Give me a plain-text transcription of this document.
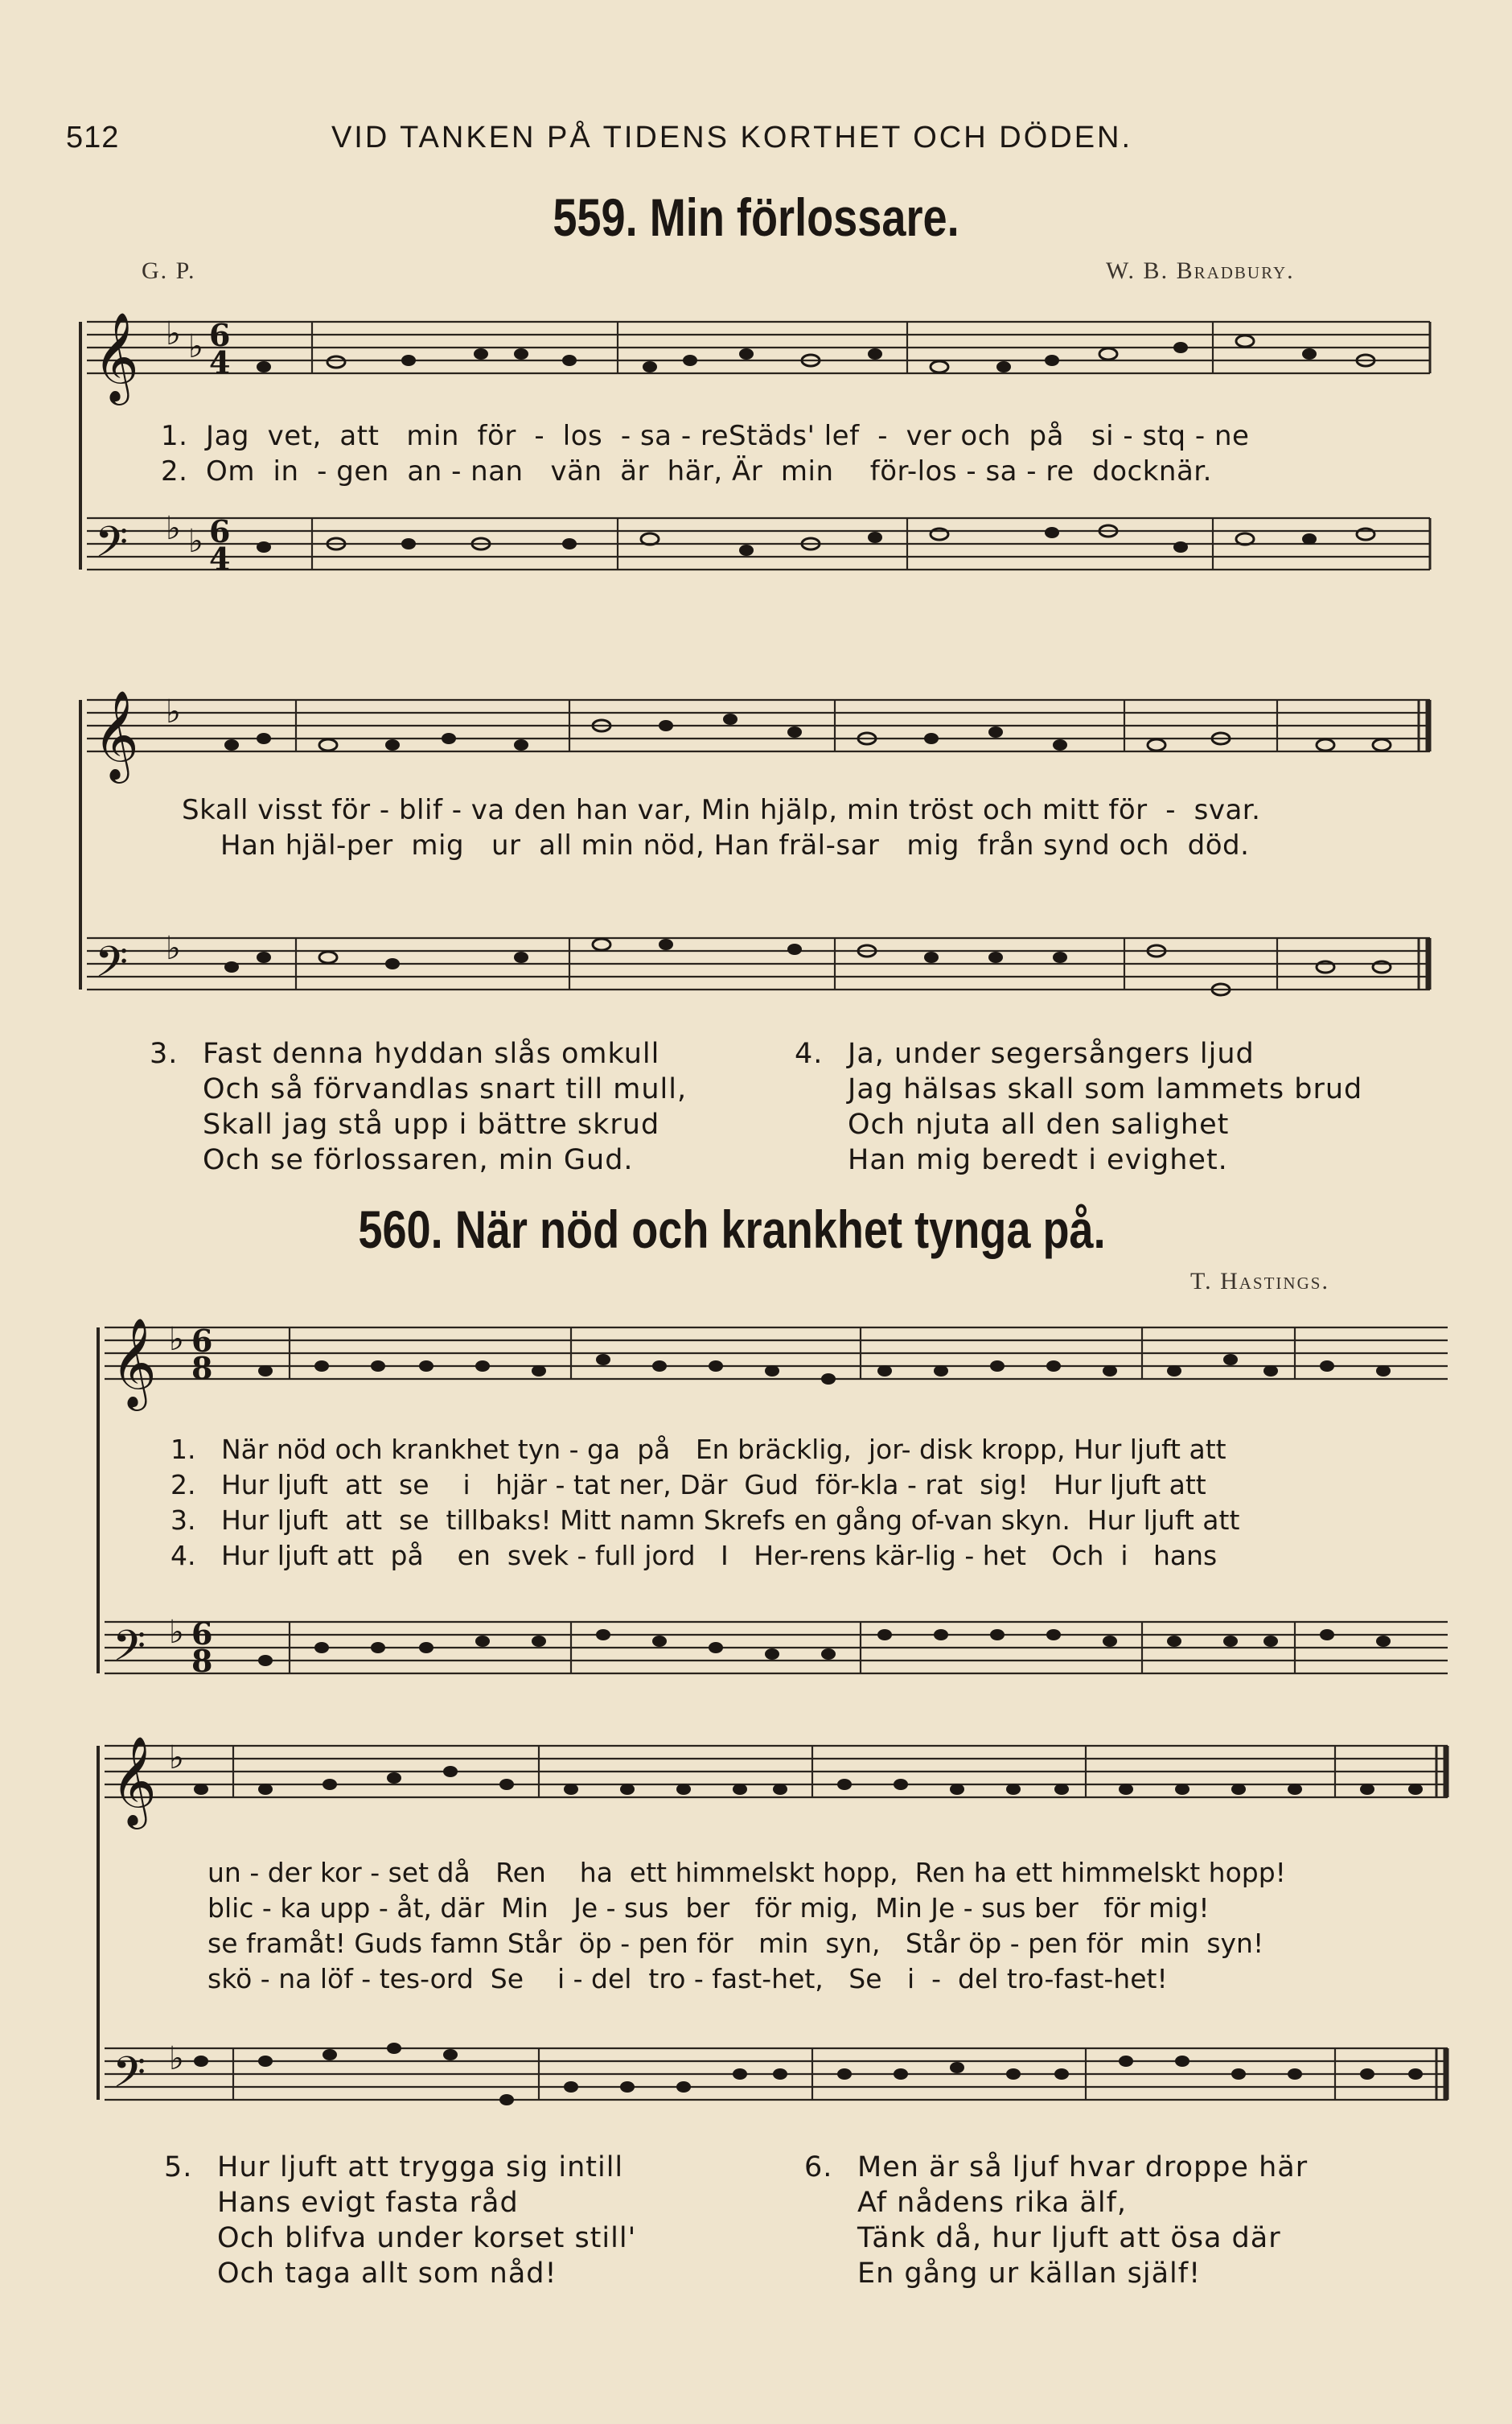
512	VID TANKEN PÅ TIDENS KORTHET OCH DÖDEN.
559. Min förlossare.
G. P.	W. B. Bradbury.
𝄞
𝄢
♭ ♭
♭ ♭
6
4
6
4
1.  Jag  vet,  att   min  för  -  los  - sa - reStäds' lef  -  ver och  på   si - stq - ne
2.  Om  in  - gen  an - nan   vän  är  här, Är  min    för-los - sa - re  docknär.
𝄞
𝄢
♭
♭
Skall visst för - blif - va den han var, Min hjälp, min tröst och mitt för  -  svar.
Han hjäl-per  mig   ur  all min nöd, Han fräl-sar   mig  från synd och  död.
3. Fast denna hyddan slås omkull
Och så förvandlas snart till mull,
Skall jag stå upp i bättre skrud
Och se förlossaren, min Gud.
4. Ja, under segersångers ljud
Jag hälsas skall som lammets brud
Och njuta all den salighet
Han mig beredt i evighet.
560. När nöd och krankhet tynga på.
T. Hastings.
𝄞
𝄢
♭
♭
6
8
6
8
1.   När nöd och krankhet tyn - ga  på   En bräcklig,  jor- disk kropp, Hur ljuft att
2.   Hur ljuft  att  se    i   hjär - tat ner, Där  Gud  för-kla - rat  sig!   Hur ljuft att
3.   Hur ljuft  att  se  tillbaks! Mitt namn Skrefs en gång of-van skyn.  Hur ljuft att
4.   Hur ljuft att  på    en  svek - full jord   I   Her-rens kär-lig - het   Och  i   hans
𝄞
𝄢
♭
♭
un - der kor - set då   Ren    ha  ett himmelskt hopp,  Ren ha ett himmelskt hopp!
blic - ka upp - åt, där  Min   Je - sus  ber   för mig,  Min Je - sus ber   för mig!
se framåt! Guds famn Står  öp - pen för   min  syn,   Står öp - pen för  min  syn!
skö - na löf - tes-ord  Se    i - del  tro - fast-het,   Se   i  -  del tro-fast-het!
5. Hur ljuft att trygga sig intill
Hans evigt fasta råd
Och blifva under korset still'
Och taga allt som nåd!
6. Men är så ljuf hvar droppe här
Af nådens rika älf,
Tänk då, hur ljuft att ösa där
En gång ur källan själf!
